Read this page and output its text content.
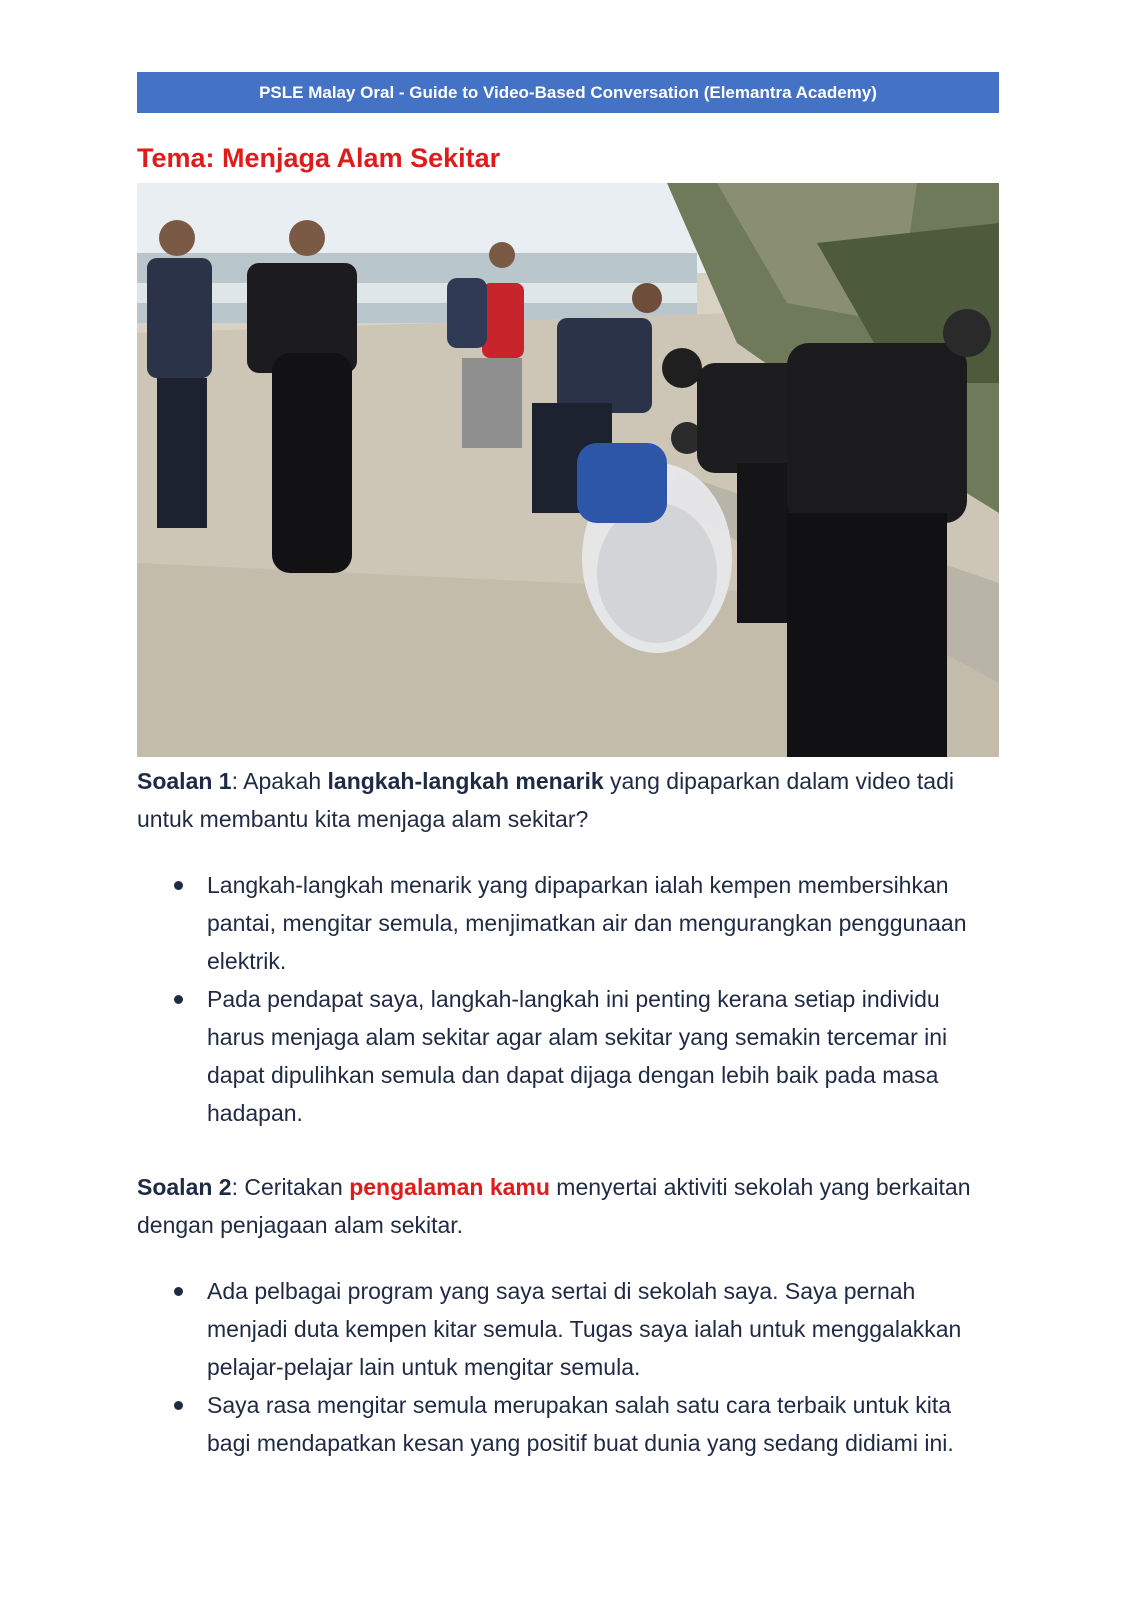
PSLE Malay Oral - Guide to Video-Based Conversation (Elemantra Academy)
Tema: Menjaga Alam Sekitar
Soalan 1: Apakah langkah-langkah menarik yang dipaparkan dalam video tadi untuk membantu kita menjaga alam sekitar?
Langkah-langkah menarik yang dipaparkan ialah kempen membersihkan pantai, mengitar semula, menjimatkan air dan mengurangkan penggunaan elektrik.
Pada pendapat saya, langkah-langkah ini penting kerana setiap individu harus menjaga alam sekitar agar alam sekitar yang semakin tercemar ini dapat dipulihkan semula dan dapat dijaga dengan lebih baik pada masa hadapan.
Soalan 2: Ceritakan pengalaman kamu menyertai aktiviti sekolah yang berkaitan dengan penjagaan alam sekitar.
Ada pelbagai program yang saya sertai di sekolah saya. Saya pernah menjadi duta kempen kitar semula. Tugas saya ialah untuk menggalakkan pelajar-pelajar lain untuk mengitar semula.
Saya rasa mengitar semula merupakan salah satu cara terbaik untuk kita bagi mendapatkan kesan yang positif buat dunia yang sedang didiami ini.
